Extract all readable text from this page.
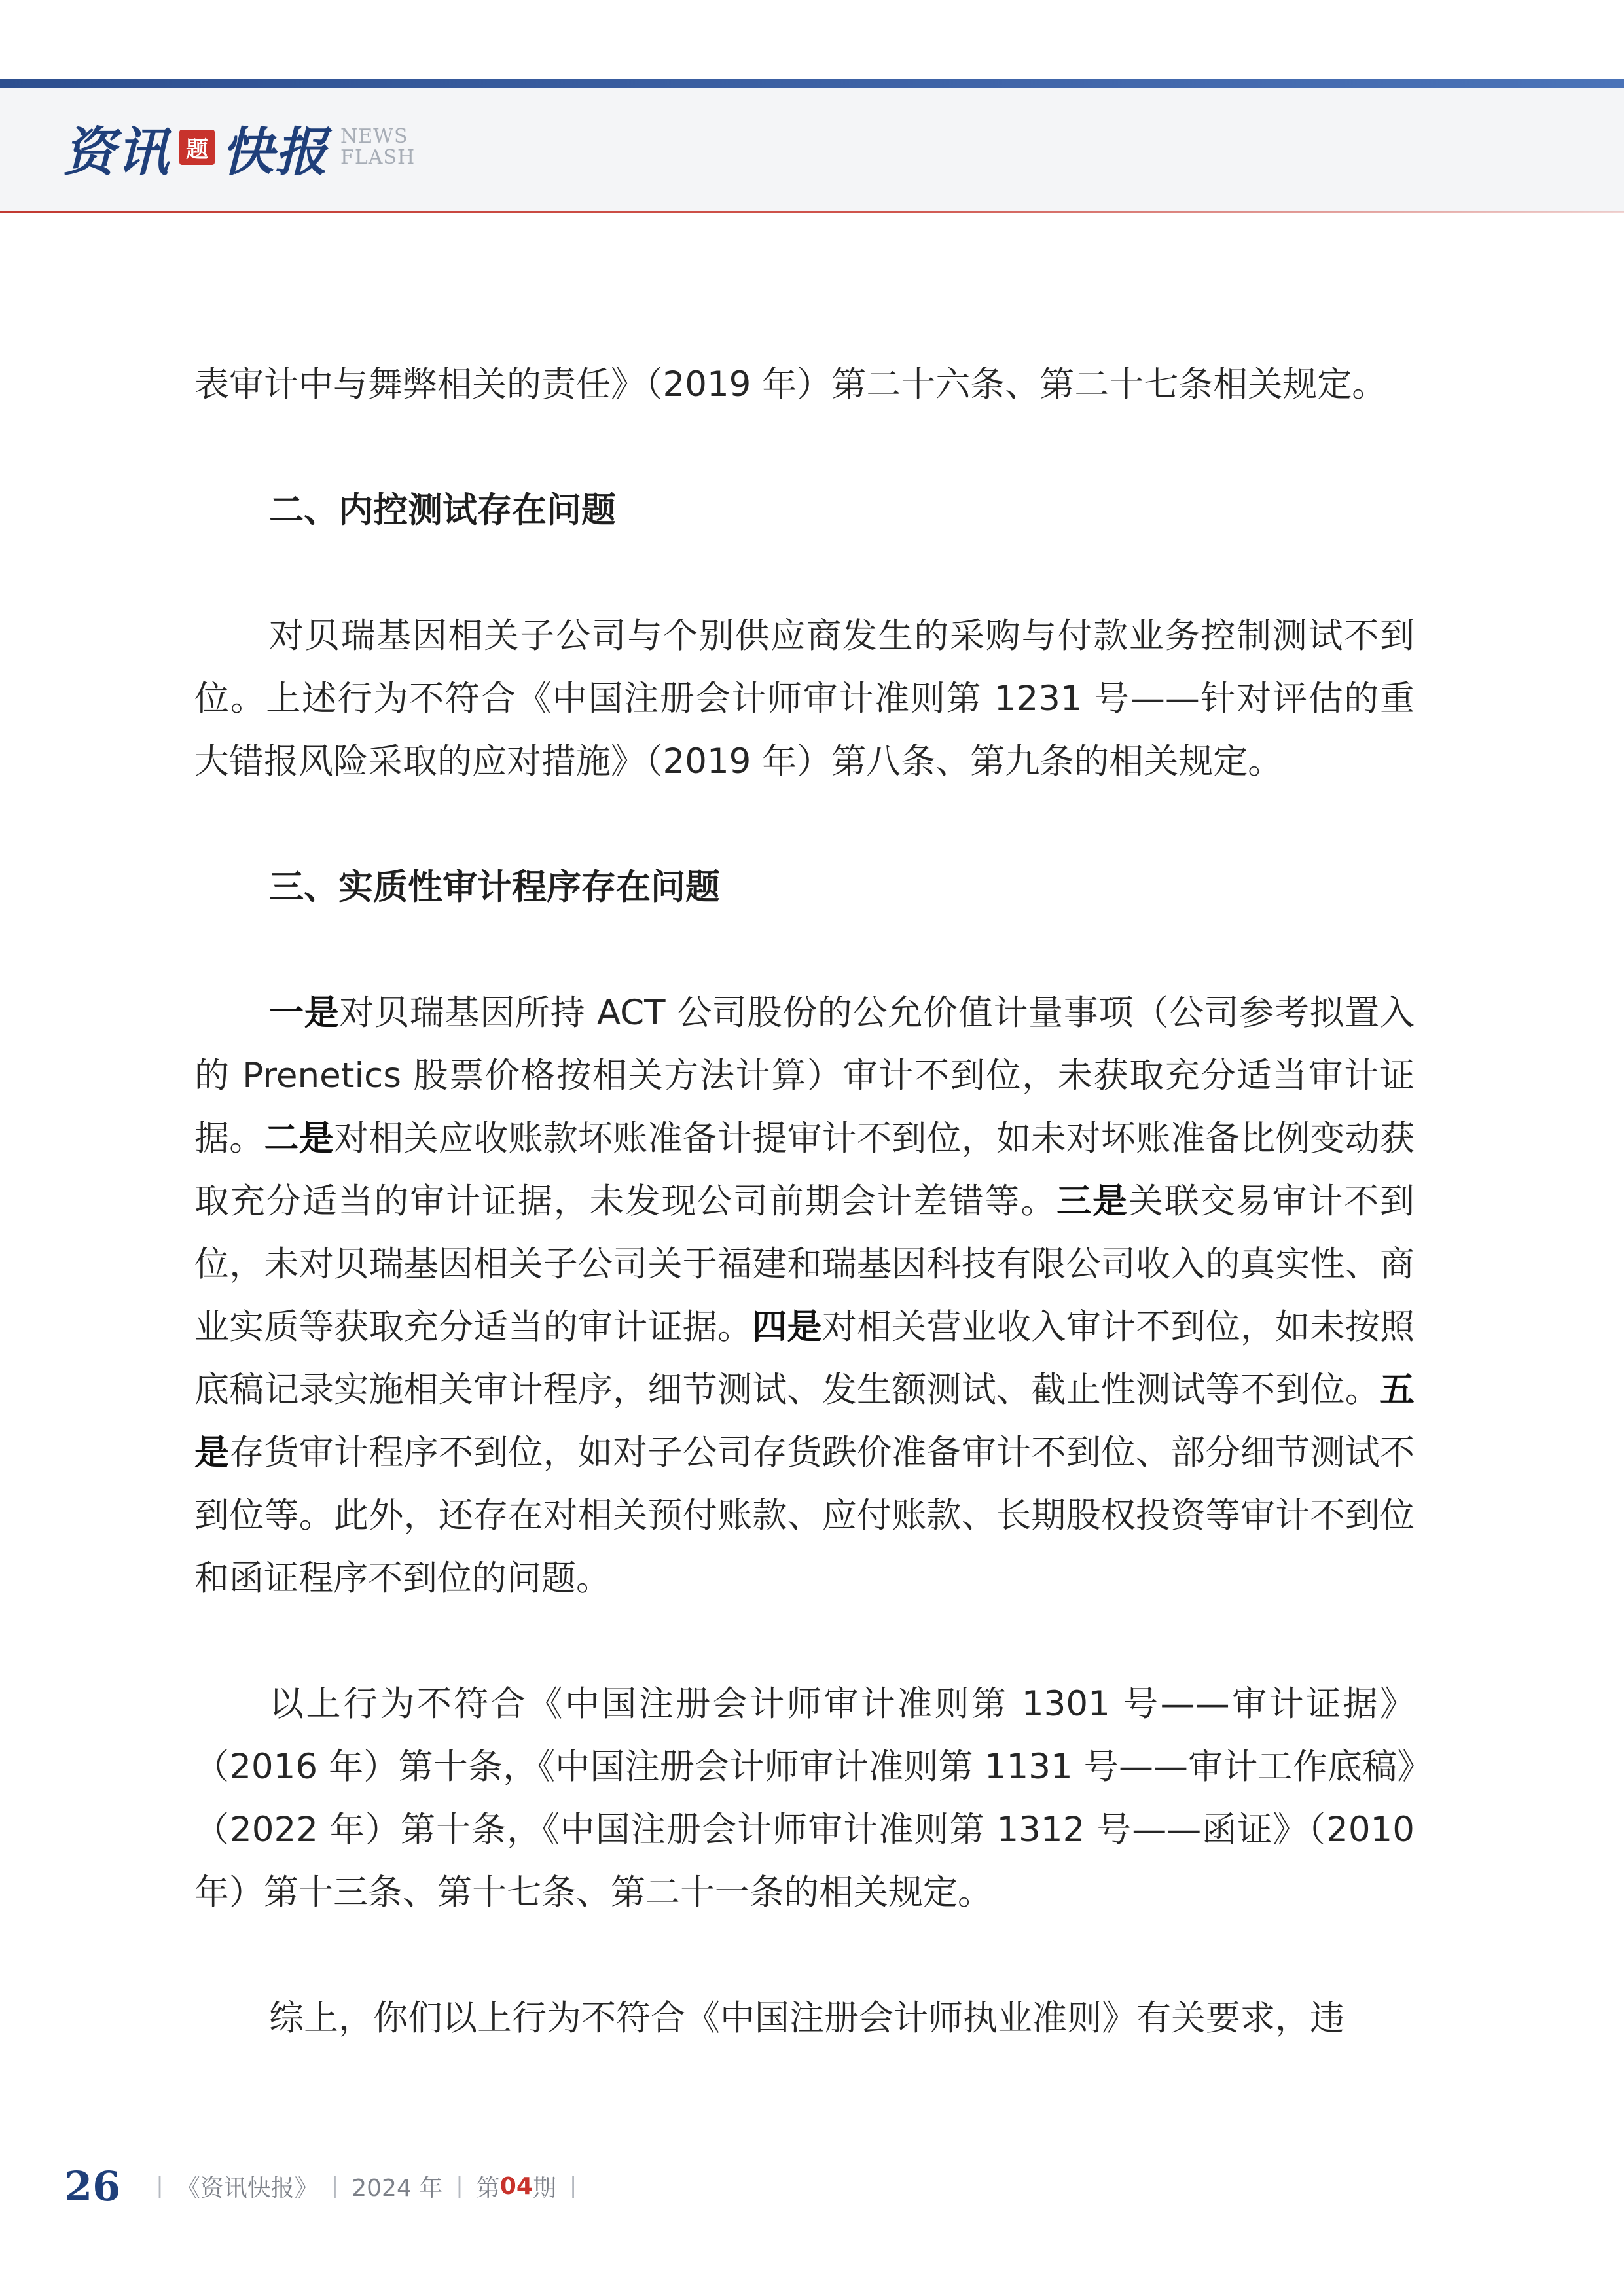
资讯 题 快报 NEWS
FLASH

表审计中与舞弊相关的责任》（2019 年）第二十六条、第二十七条相关规定。

二、内控测试存在问题

对贝瑞基因相关子公司与个别供应商发生的采购与付款业务控制测试不到位。上述行为不符合《中国注册会计师审计准则第 1231 号——针对评估的重大错报风险采取的应对措施》（2019 年）第八条、第九条的相关规定。

三、实质性审计程序存在问题

一是对贝瑞基因所持 ACT 公司股份的公允价值计量事项（公司参考拟置入的 Prenetics 股票价格按相关方法计算）审计不到位，未获取充分适当审计证据。二是对相关应收账款坏账准备计提审计不到位，如未对坏账准备比例变动获取充分适当的审计证据，未发现公司前期会计差错等。三是关联交易审计不到位，未对贝瑞基因相关子公司关于福建和瑞基因科技有限公司收入的真实性、商业实质等获取充分适当的审计证据。四是对相关营业收入审计不到位，如未按照底稿记录实施相关审计程序，细节测试、发生额测试、截止性测试等不到位。五是存货审计程序不到位，如对子公司存货跌价准备审计不到位、部分细节测试不到位等。此外，还存在对相关预付账款、应付账款、长期股权投资等审计不到位和函证程序不到位的问题。

以上行为不符合《中国注册会计师审计准则第 1301 号——审计证据》（2016 年）第十条，《中国注册会计师审计准则第 1131 号——审计工作底稿》（2022 年）第十条，《中国注册会计师审计准则第 1312 号——函证》（2010 年）第十三条、第十七条、第二十一条的相关规定。

综上，你们以上行为不符合《中国注册会计师执业准则》有关要求，违

26 | 《资讯快报》 | 2024 年 | 第 04 期 |
